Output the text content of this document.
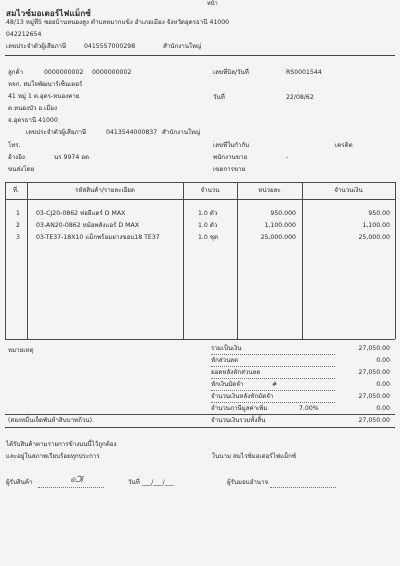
หน้า
สมไวซ์มอเตอร์ไฟแม็กซ์
48/13 หมู่ที่5 ซอยบ้านหนองสูง ตำบลหมากแข้ง อำเภอเมือง จังหวัดอุดรธานี 41000
042212654
เลขประจำตัวผู้เสียภาษี	0415557000298	สำนักงานใหญ่
ลูกค้า	0000000002 0000000002
หจก. สมใจพัฒนาร์เซ็นเตอร์
41 หมู่ 1 ต.อุดร-หนองคาย
ต.หนองบัว อ.เมือง
จ.อุดรธานี 41000
เลขประจำตัวผู้เสียภาษี	0413544000837 สำนักงานใหญ่
โทร.
อ้างอิง	นร 9974 อด
ขนส่งโดย
เลขที่บิล/วันที่	RS0001544
วันที่	22/08/62
เลขที่ใบกำกับ	เครดิต
พนักงานขาย	-
เขตการขาย
ที่.	รหัสสินค้า/รายละเอียด	จำนวน	หน่วยละ	จำนวนเงิน
1	03-CJ20-0862 ท่อยีแดร์ D MAX	1.0 ตัว	950.000	950.00
2	03-AN20-0862 หม้อพลังแอร์ D MAX	1.0 ตัว	1,100.000	1,100.00
3	03-TE37-18X10 แม็กพร้อมยางขอบ18 TE37	1.0 ชุด	25,000.000	25,000.00
หมายเหตุ	รวมเป็นเงิน	27,050.00
หักส่วนลด	0.00
ยอดหลังหักส่วนลด	27,050.00
หักเงินมัดจำ	#	0.00
จำนวนเงินหลังหักมัดจำ	27,050.00
จำนวนภาษีมูลค่าเพิ่ม	7.00%	0.00
(สองหมื่นเจ็ดพันห้าสิบบาทถ้วน).	จำนวนเงินรวมทั้งสิ้น	27,050.00
ได้รับสินค้าตามรายการข้างบนนี้ไว้ถูกต้อง
และอยู่ในสภาพเรียบร้อยทุกประการ	ในนาม สมไวซ์มอเตอร์ไฟแม็กซ์
ผู้รับสินค้า	ၜ౫	วันที่ ___/___/___	ผู้รับมอบอำนาจ
